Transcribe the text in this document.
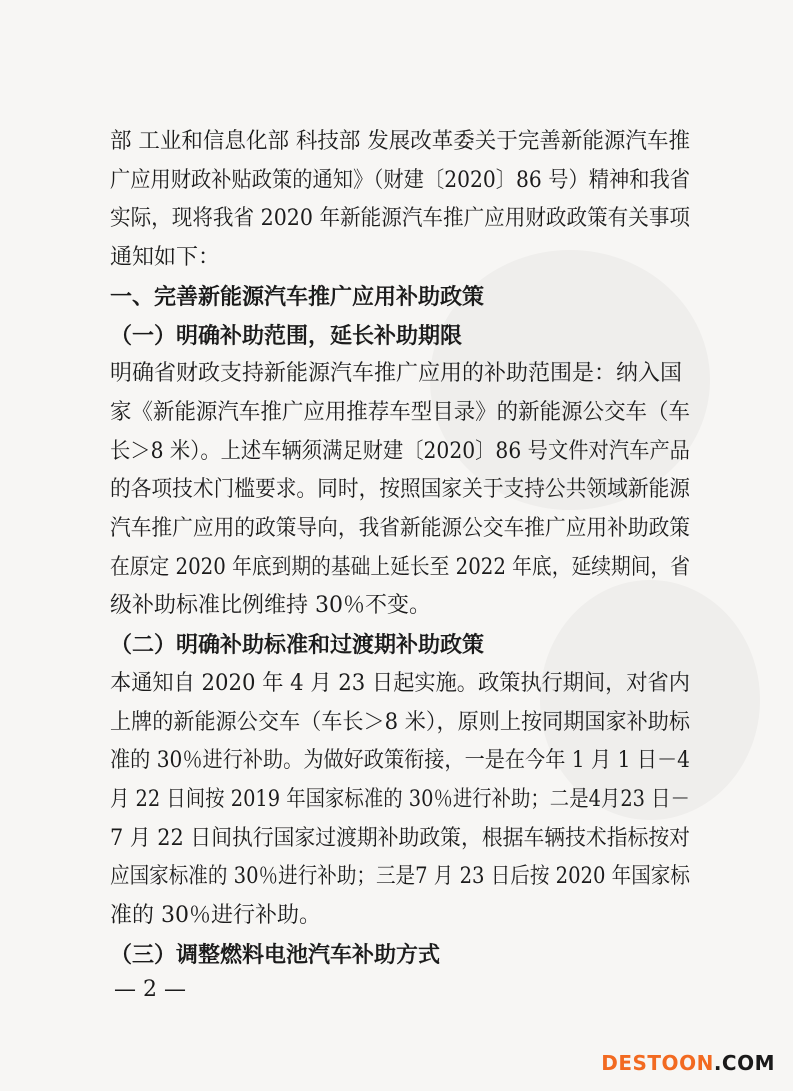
部 工业和信息化部 科技部 发展改革委关于完善新能源汽车推
广应用财政补贴政策的通知》（财建〔2020〕86 号）精神和我省
实际，现将我省 2020 年新能源汽车推广应用财政政策有关事项
通知如下：
一、完善新能源汽车推广应用补助政策
（一）明确补助范围，延长补助期限
明确省财政支持新能源汽车推广应用的补助范围是：纳入国
家《新能源汽车推广应用推荐车型目录》的新能源公交车（车
长＞8 米）。上述车辆须满足财建〔2020〕86 号文件对汽车产品
的各项技术门槛要求。同时，按照国家关于支持公共领域新能源
汽车推广应用的政策导向，我省新能源公交车推广应用补助政策
在原定 2020 年底到期的基础上延长至 2022 年底，延续期间，省
级补助标准比例维持 30％不变。
（二）明确补助标准和过渡期补助政策
本通知自 2020 年 4 月 23 日起实施。政策执行期间，对省内
上牌的新能源公交车（车长＞8 米），原则上按同期国家补助标
准的 30％进行补助。为做好政策衔接，一是在今年 1 月 1 日－4
月 22 日间按 2019 年国家标准的 30％进行补助；二是4月23 日－
7 月 22 日间执行国家过渡期补助政策，根据车辆技术指标按对
应国家标准的 30％进行补助；三是7 月 23 日后按 2020 年国家标
准的 30％进行补助。
（三）调整燃料电池汽车补助方式
— 2 —
DESTOON.COM
